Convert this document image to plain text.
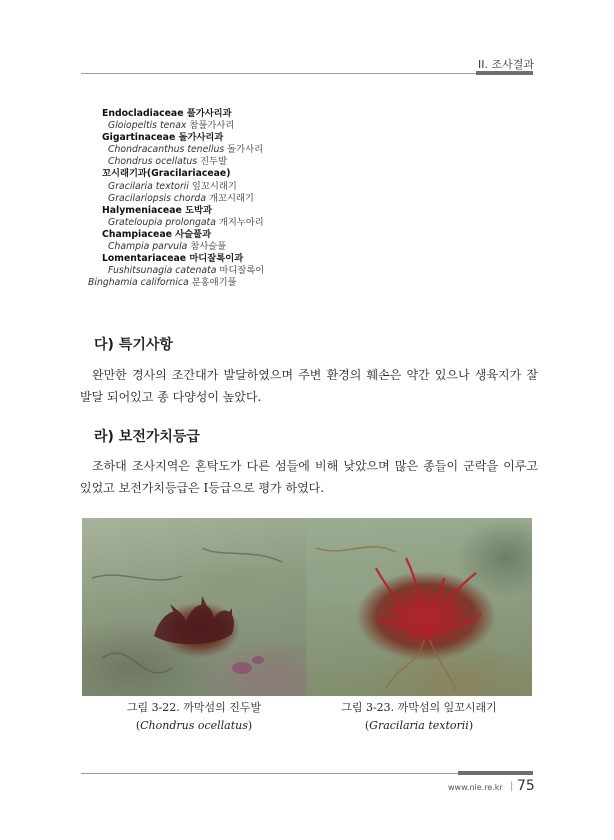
II. 조사결과
Endocladiaceae 풀가사리과
Gloiopeltis tenax 참풀가사리
Gigartinaceae 돌가사리과
Chondracanthus tenellus 돌가사리
Chondrus ocellatus 진두발
꼬시래기과(Gracilariaceae)
Gracilaria textorii 잎꼬시래기
Gracilariopsis chorda 개꼬시래기
Halymeniaceae 도박과
Grateloupia prolongata 개지누아리
Champiaceae 사슬풀과
Champia parvula 참사슬풀
Lomentariaceae 마디잘록이과
Fushitsunagia catenata 마디잘록이
Binghamia californica 분홍애기풀
다) 특기사항

완만한 경사의 조간대가 발달하였으며 주변 환경의 훼손은 약간 있으나 생육지가 잘 발달 되어있고 종 다양성이 높았다.

라) 보전가치등급

조하대 조사지역은 혼탁도가 다른 섬들에 비해 낮았으며 많은 종들이 군락을 이루고 있었고 보전가치등급은 Ⅰ등급으로 평가 하였다.

그림 3-22. 까막섬의 진두발
(Chondrus ocellatus)
그림 3-23. 까막섬의 잎꼬시래기
(Gracilaria textorii)
www.nie.re.kr | 75
